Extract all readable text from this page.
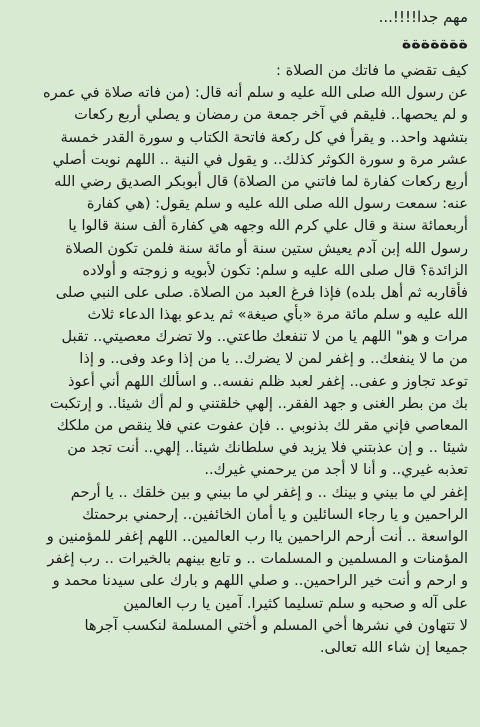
مهم جدا!!!!...
ةةةةةةة
كيف تقضي ما فاتك من الصلاة :
عن رسول الله صلى الله عليه و سلم أنه قال: (من فاته صلاة في عمره
و لم يحصها.. فليقم في آخر جمعة من رمضان و يصلي أربع ركعات
بتشهد واحد.. و يقرأ في كل ركعة فاتحة الكتاب و سورة القدر خمسة
عشر مرة و سورة الكوثر كذلك.. و يقول في النية .. اللهم نويت أصلي
أربع ركعات كفارة لما فاتني من الصلاة) قال أبوبكر الصديق رضي الله
عنه: سمعت رسول الله صلى الله عليه و سلم يقول: (هي كفارة
أربعمائة سنة و قال علي كرم الله وجهه هي كفارة ألف سنة قالوا يا
رسول الله إبن آدم يعيش ستين سنة أو مائة سنة فلمن تكون الصلاة
الزائدة؟ قال صلى الله عليه و سلم: تكون لأبويه و زوجته و أولاده
فأقاربه ثم أهل بلده) فإذا فرغ العبد من الصلاة. صلى على النبي صلى
الله عليه و سلم مائة مرة «بأي صيغة» ثم يدعو بهذا الدعاء ثلاث
مرات و هو" اللهم يا من لا تنفعك طاعتي.. ولا تضرك معصيتي.. تقبل
من ما لا ينفعك.. و إغفر لمن لا يضرك.. يا من إذا وعد وفى.. و إذا
توعد تجاوز و عفى.. إغفر لعبد ظلم نفسه.. و اسألك اللهم أني أعوذ
بك من بطر الغنى و جهد الفقر.. إلهي خلقتني و لم أك شيئا.. و إرتكبت
المعاصي فإني مقر لك بذنوبي .. فإن عفوت عني فلا ينقص من ملكك
شيئا .. و إن عذبتني فلا يزيد في سلطانك شيئا.. إلهي.. أنت تجد من
تعذبه غيري.. و أنا لا أجد من يرحمني غيرك..
إغفر لي ما بيني و بينك .. و إغفر لي ما بيني و بين خلقك .. يا أرحم
الراحمين و يا رجاء السائلين و يا أمان الخائفين.. إرحمني برحمتك
الواسعة .. أنت أرحم الراحمين ياا رب العالمين.. اللهم إغفر للمؤمنين و
المؤمنات و المسلمين و المسلمات .. و تابع بينهم بالخيرات .. رب إغفر
و ارحم و أنت خير الراحمين.. و صلي اللهم و بارك على سيدنا محمد و
على آله و صحبه و سلم تسليما كثيرا. آمين يا رب العالمين
لا تتهاون في نشرها أخي المسلم و أختي المسلمة لنكسب آجرها
جميعا إن شاء الله تعالى.
